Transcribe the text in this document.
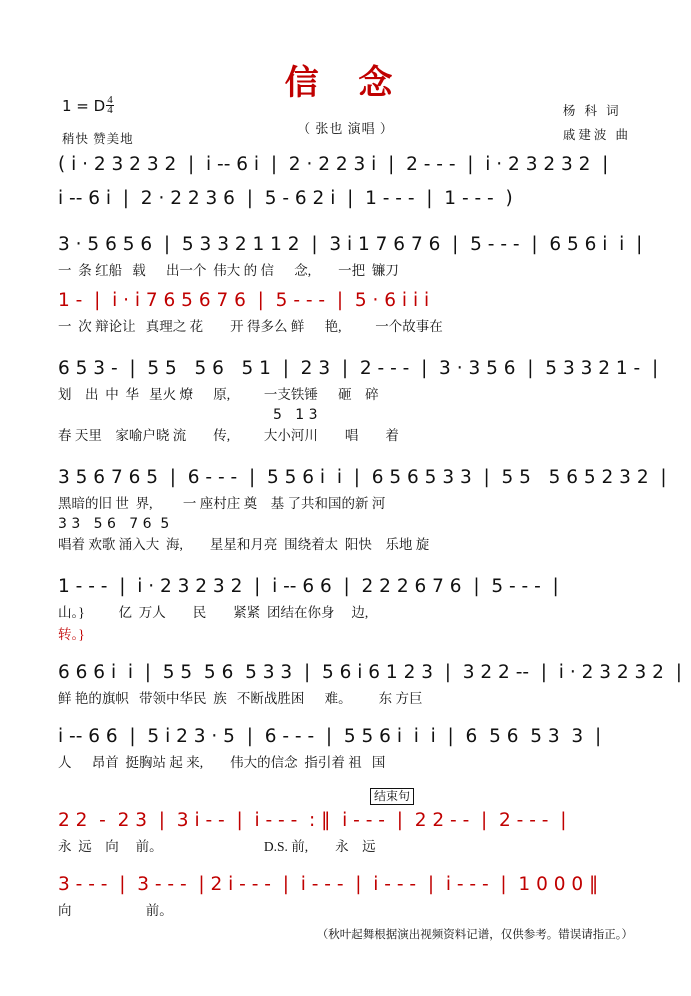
信 念
（ 张也 演唱 ）
1 = D $\frac{4}{4}$
稍快 赞美地
杨 科 词
戚建波 曲
( i · 2 3 2 3 2  |  i -- 6 i  |  2 · 2 2 3 i  |  2 - - -  |  i · 2 3 2 3 2  |
i -- 6 i  |  2 · 2 2 3 6  |  5 - 6 2 i  |  1 - - -  |  1 - - -  )
3 · 5 6 5 6  |  5 3 3 2 1 1 2  |  3 i 1 7 6 7 6  |  5 - - -  |  6 5 6 i  i  |
一  条 红船   载      出一个  伟大 的 信      念,        一把  镰刀
1 -  |  i · i 7 6 5 6 7 6  |  5 - - -  |  5 · 6 i i i
一  次 辩论让   真理之 花        开 得多么 鲜      艳,          一个故事在
6 5 3 -  |  5 5   5 6   5 1  |  2 3  |  2 - - -  |  3 · 3 5 6  |  5 3 3 2 1 -  |
划    出  中  华   星火 燎      原,          一支铁锤      砸    碎
5   1 3
春 天里    家喻户晓 流        传,          大小河川        唱        着
3 5 6 7 6 5  |  6 - - -  |  5 5 6 i  i  |  6 5 6 5 3 3  |  5 5   5 6 5 2 3 2  |
黑暗的旧 世  界,         一 座村庄 奠    基 了共和国的新 河
3 3   5 6   7 6  5
唱着 欢歌 涌入大  海,        星星和月亮  围绕着太  阳快    乐地 旋
1 - - -  |  i · 2 3 2 3 2  |  i -- 6 6  |  2 2 2 6 7 6  |  5 - - -  |
山。}          亿  万人        民        紧紧  团结在你身     边,
转。}
6 6 6 i  i  |  5 5  5 6  5 3 3  |  5 6 i 6 1 2 3  |  3 2 2 --  |  i · 2 3 2 3 2  |
鲜 艳的旗帜   带领中华民  族   不断战胜困      难。        东 方巨
i -- 6 6  |  5 i 2 3 · 5  |  6 - - -  |  5 5 6 i  i  i  |  6  5 6  5 3  3  |
人      昂首  挺胸站 起 来,        伟大的信念  指引着 祖   国
结束句
2 2  -  2 3  |  3 i - -  |  i - - -  : ‖  i - - -  |  2 2 - -  |  2 - - -  |
永  远    向     前。                              D.S. 前,        永    远
3 - - -  |  3 - - -  | 2 i - - -  |  i - - -  |  i - - -  |  i - - -  |  1 0 0 0 ‖
向                      前。
（秋叶起舞根据演出视频资料记谱，仅供参考。错误请指正。）
